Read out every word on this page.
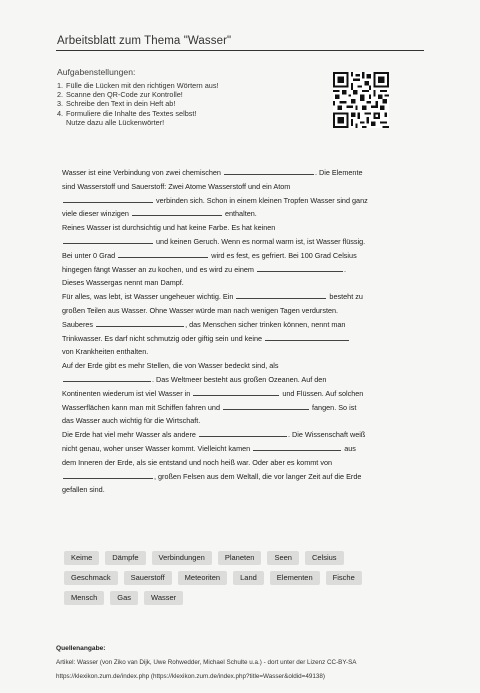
Arbeitsblatt zum Thema "Wasser"
Aufgabenstellungen:
1. Fülle die Lücken mit den richtigen Wörtern aus!
2. Scanne den QR-Code zur Kontrolle!
3. Schreibe den Text in dein Heft ab!
4. Formuliere die Inhalte des Textes selbst!
Nutze dazu alle Lückenwörter!
Wasser ist eine Verbindung von zwei chemischen	. Die Elemente
sind Wasserstoff und Sauerstoff: Zwei Atome Wasserstoff und ein Atom
verbinden sich. Schon in einem kleinen Tropfen Wasser sind ganz
viele dieser winzigen	enthalten.
Reines Wasser ist durchsichtig und hat keine Farbe. Es hat keinen
und keinen Geruch. Wenn es normal warm ist, ist Wasser flüssig.
Bei unter 0 Grad	wird es fest, es gefriert. Bei 100 Grad Celsius
hingegen fängt Wasser an zu kochen, und es wird zu einem	.
Dieses Wassergas nennt man Dampf.
Für alles, was lebt, ist Wasser ungeheuer wichtig. Ein	besteht zu
großen Teilen aus Wasser. Ohne Wasser würde man nach wenigen Tagen verdursten.
Sauberes	, das Menschen sicher trinken können, nennt man
Trinkwasser. Es darf nicht schmutzig oder giftig sein und keine
von Krankheiten enthalten.
Auf der Erde gibt es mehr Stellen, die von Wasser bedeckt sind, als
. Das Weltmeer besteht aus großen Ozeanen. Auf den
Kontinenten wiederum ist viel Wasser in	und Flüssen. Auf solchen
Wasserflächen kann man mit Schiffen fahren und	fangen. So ist
das Wasser auch wichtig für die Wirtschaft.
Die Erde hat viel mehr Wasser als andere	. Die Wissenschaft weiß
nicht genau, woher unser Wasser kommt. Vielleicht kamen	aus
dem Inneren der Erde, als sie entstand und noch heiß war. Oder aber es kommt von
, großen Felsen aus dem Weltall, die vor langer Zeit auf die Erde
gefallen sind.
Keime	Dämpfe	Verbindungen	Planeten	Seen	Celsius
Geschmack	Sauerstoff	Meteoriten	Land	Elementen	Fische
Mensch	Gas	Wasser
Quellenangabe:
Artikel: Wasser (von Ziko van Dijk, Uwe Rohwedder, Michael Schulte u.a.) - dort unter der Lizenz CC-BY-SA
https://klexikon.zum.de/index.php (https://klexikon.zum.de/index.php?title=Wasser&oldid=49138)
